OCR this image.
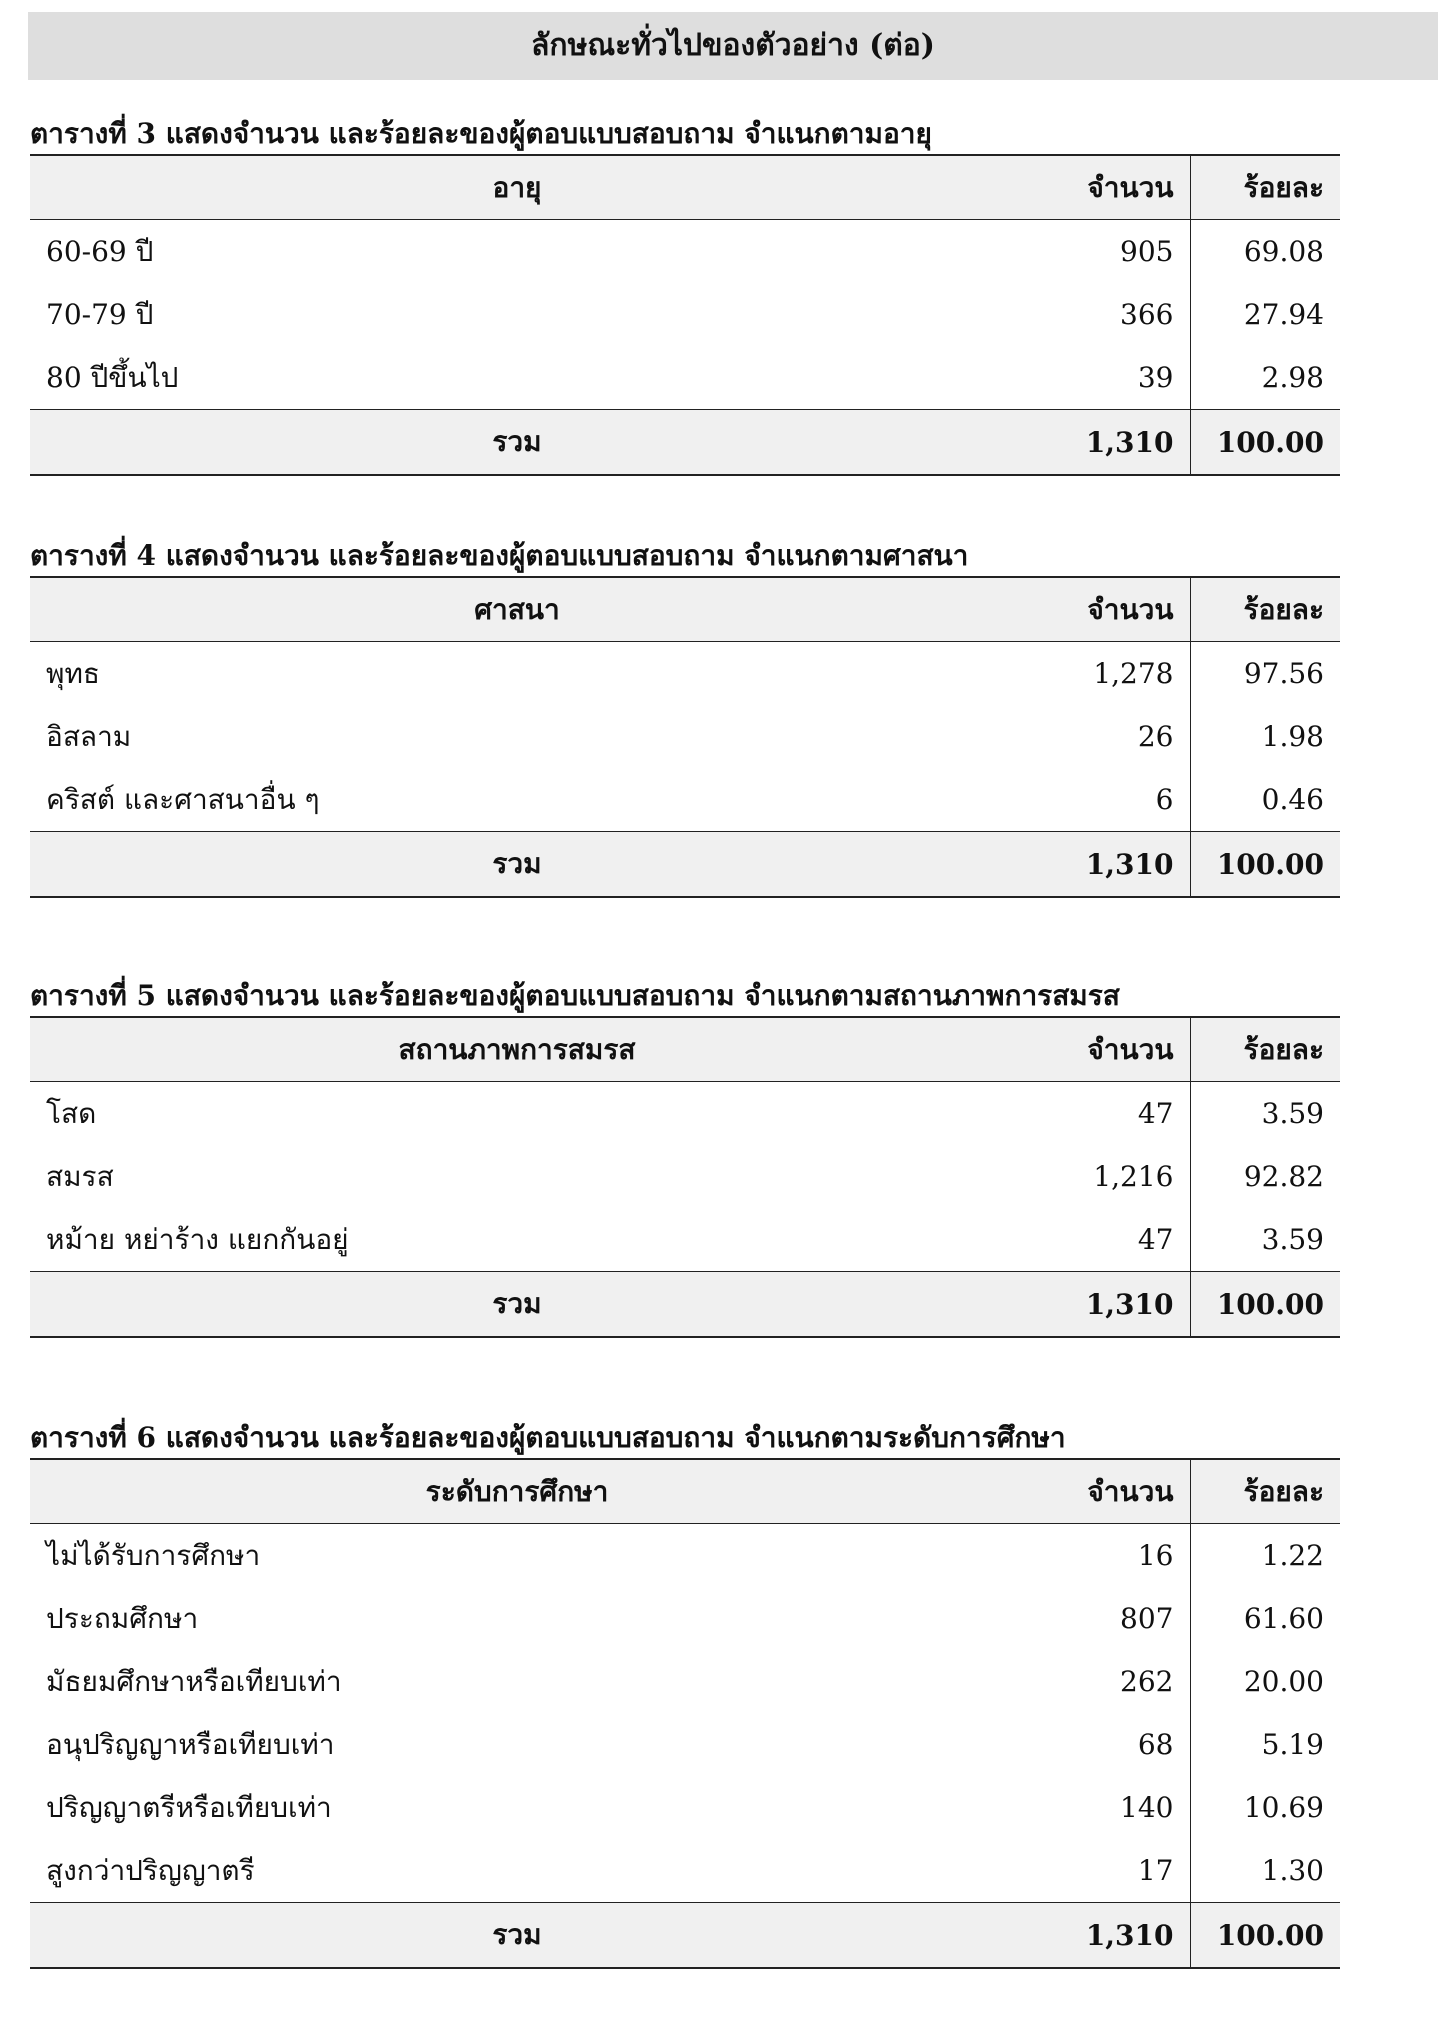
ลักษณะทั่วไปของตัวอย่าง (ต่อ)
ตารางที่ 3 แสดงจำนวน และร้อยละของผู้ตอบแบบสอบถาม จำแนกตามอายุ
อายุ	จำนวน	ร้อยละ
60-69 ปี	905	69.08
70-79 ปี	366	27.94
80 ปีขึ้นไป	39	2.98
รวม	1,310	100.00
ตารางที่ 4 แสดงจำนวน และร้อยละของผู้ตอบแบบสอบถาม จำแนกตามศาสนา
ศาสนา	จำนวน	ร้อยละ
พุทธ	1,278	97.56
อิสลาม	26	1.98
คริสต์ และศาสนาอื่น ๆ	6	0.46
รวม	1,310	100.00
ตารางที่ 5 แสดงจำนวน และร้อยละของผู้ตอบแบบสอบถาม จำแนกตามสถานภาพการสมรส
สถานภาพการสมรส	จำนวน	ร้อยละ
โสด	47	3.59
สมรส	1,216	92.82
หม้าย หย่าร้าง แยกกันอยู่	47	3.59
รวม	1,310	100.00
ตารางที่ 6 แสดงจำนวน และร้อยละของผู้ตอบแบบสอบถาม จำแนกตามระดับการศึกษา
ระดับการศึกษา	จำนวน	ร้อยละ
ไม่ได้รับการศึกษา	16	1.22
ประถมศึกษา	807	61.60
มัธยมศึกษาหรือเทียบเท่า	262	20.00
อนุปริญญาหรือเทียบเท่า	68	5.19
ปริญญาตรีหรือเทียบเท่า	140	10.69
สูงกว่าปริญญาตรี	17	1.30
รวม	1,310	100.00
